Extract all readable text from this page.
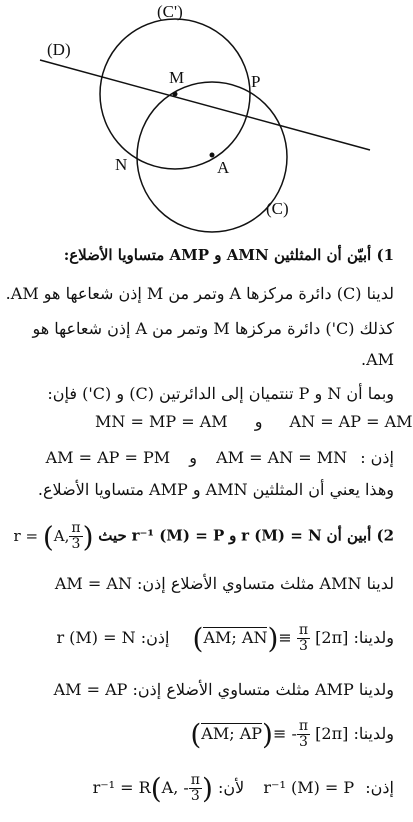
(C')
(D)
M	P
N	A
(C)
1) أبيّن أن المثلثين AMN و AMP متساويا الأضلاع:
لدينا (C) دائرة مركزها A وتمر من M إذن شعاعها هو AM.
كذلك (C') دائرة مركزها M وتمر من A إذن شعاعها هو
AM.
وبما أن N و P تنتميان إلى الدائرتين (C) و (C') فإن:
MN = MP = AM و AN = AP = AM
إذن : AM = AN = MN و AM = AP = PM
وهذا يعني أن المثلثين AMN و AMP متساويا الأضلاع.
2) أبين أن r (M) = N و r⁻¹ (M) = P حيث r = (A, $\frac{\pi}{3}$ )
لدينا AMN مثلث متساوي الأضلاع إذن: AM = AN
ولدينا: (AM; $AN)\equiv \frac{\pi}{3} [2\pi]$ إذن: r (M) = N
ولدينا AMP مثلث متساوي الأضلاع إذن: AM = AP
ولدينا: (AM; $AP)\equiv - \frac{\pi}{3} [2\pi]$
إذن: r⁻¹ (M) = P لأن: r⁻¹ = R(A, - $\frac{\pi}{3}$ )
